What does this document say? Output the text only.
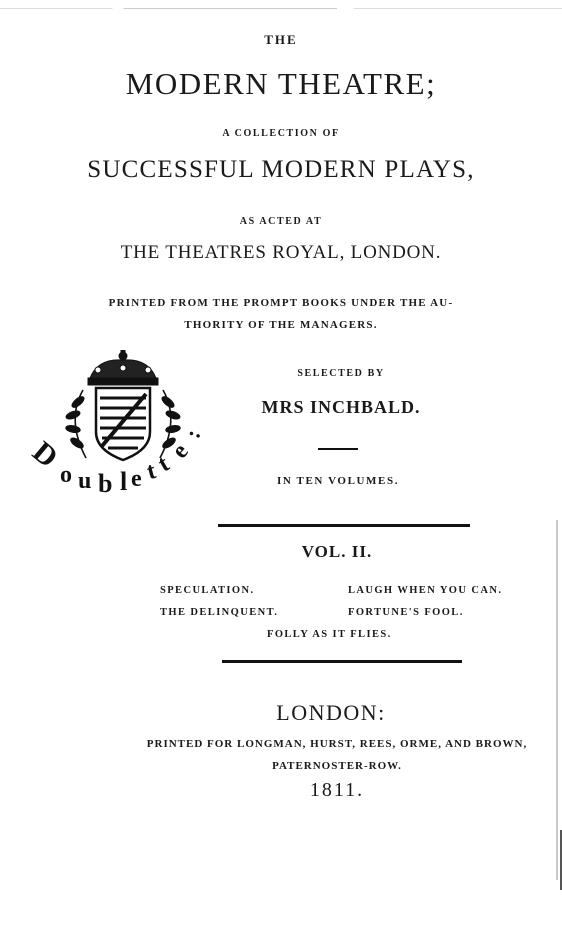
THE
MODERN THEATRE;
A COLLECTION OF
SUCCESSFUL MODERN PLAYS,
AS ACTED AT
THE THEATRES ROYAL, LONDON.
PRINTED FROM THE PROMPT BOOKS UNDER THE AU-
THORITY OF THE MANAGERS.
SELECTED BY
MRS INCHBALD.
IN TEN VOLUMES.
VOL. II.
SPECULATION.	LAUGH WHEN YOU CAN.
THE DELINQUENT.	FORTUNE'S FOOL.
FOLLY AS IT FLIES.
LONDON:
PRINTED FOR LONGMAN, HURST, REES, ORME, AND BROWN,
PATERNOSTER-ROW.
1811.
D
o u b l e t
t
e
:
